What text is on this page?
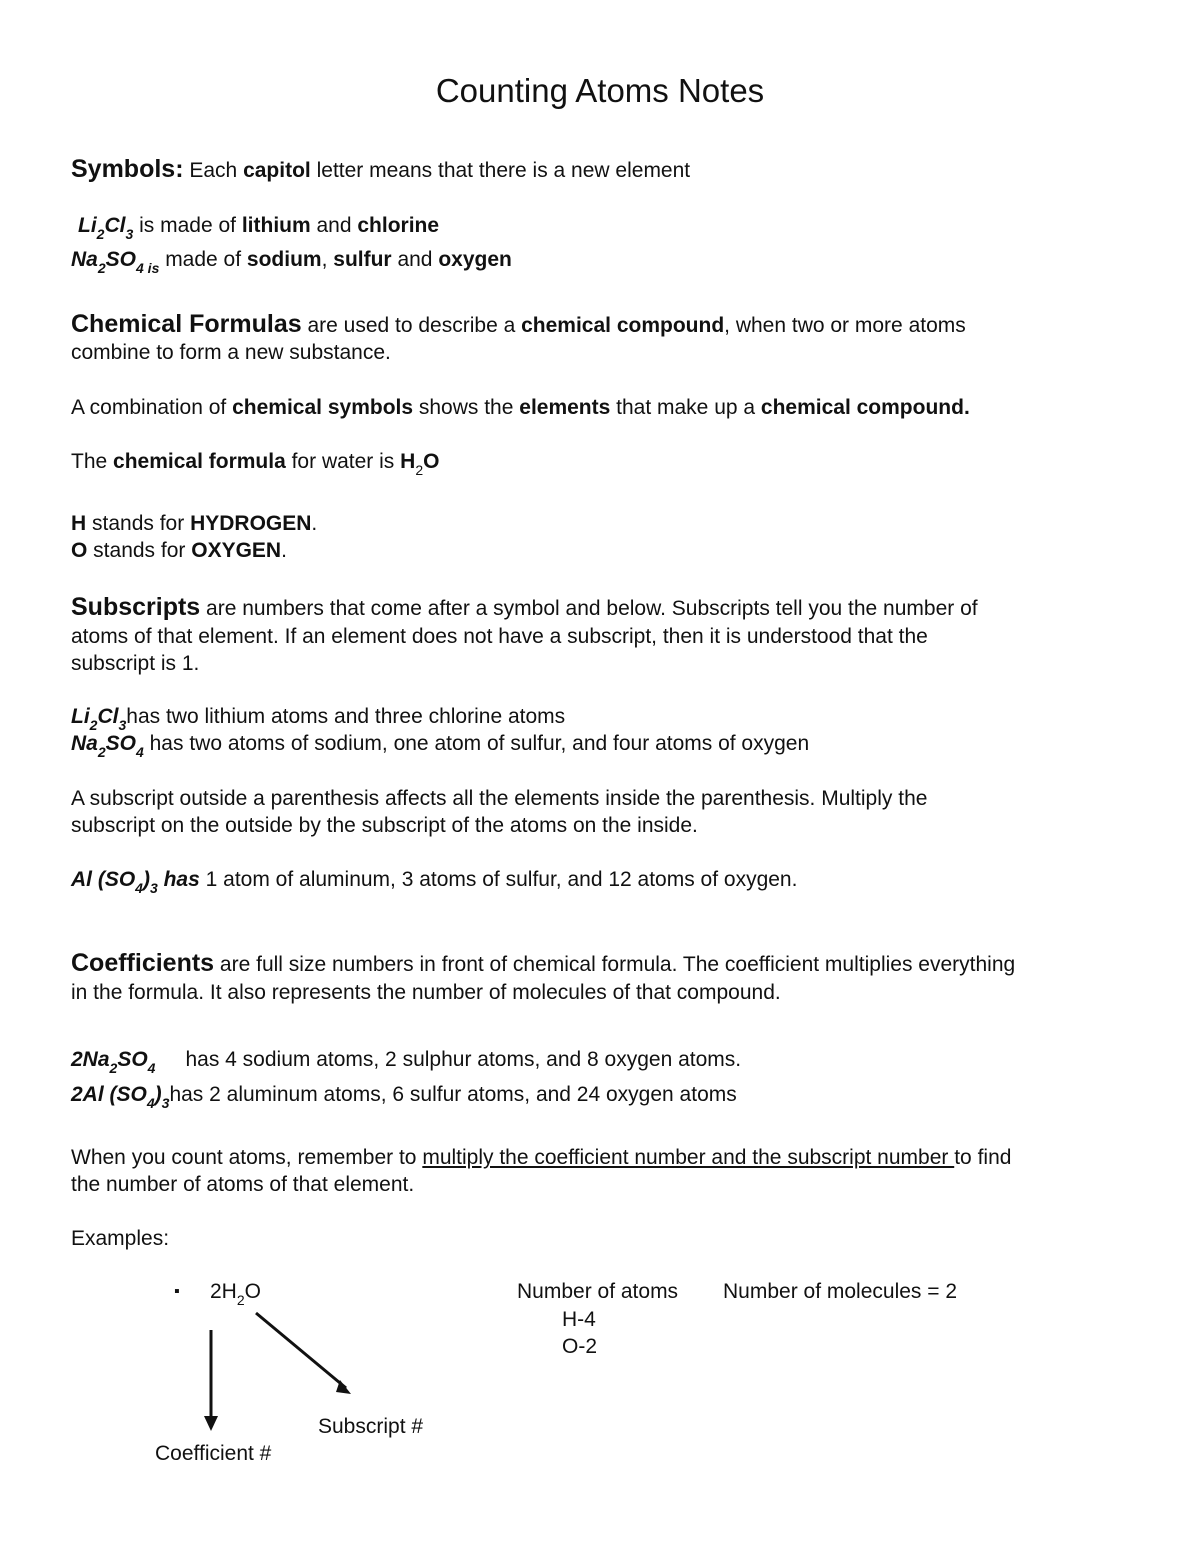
Counting Atoms Notes
Symbols: Each capitol letter means that there is a new element
$Li_2Cl_3$ is made of lithium and chlorine
$Na_2SO_{4 is}$ made of sodium, sulfur and oxygen
Chemical Formulas are used to describe a chemical compound, when two or more atoms
combine to form a new substance.
A combination of chemical symbols shows the elements that make up a chemical compound.
The chemical formula for water is $H_2O$
H stands for HYDROGEN.
O stands for OXYGEN.
Subscripts are numbers that come after a symbol and below. Subscripts tell you the number of
atoms of that element. If an element does not have a subscript, then it is understood that the
subscript is 1.
$Li_2Cl_3has$ two lithium atoms and three chlorine atoms
$Na_2SO_4$ has two atoms of sodium, one atom of sulfur, and four atoms of oxygen
A subscript outside a parenthesis affects all the elements inside the parenthesis. Multiply the
subscript on the outside by the subscript of the atoms on the inside.
Al $(SO_4)_3$ has 1 atom of aluminum, 3 atoms of sulfur, and 12 atoms of oxygen.
Coefficients are full size numbers in front of chemical formula. The coefficient multiplies everything
in the formula. It also represents the number of molecules of that compound.
$2Na_2SO_4$ has 4 sodium atoms, 2 sulphur atoms, and 8 oxygen atoms.
2Al $(SO_4)_3has$ 2 aluminum atoms, 6 sulfur atoms, and 24 oxygen atoms
When you count atoms, remember to multiply the coefficient number and the subscript number to find
the number of atoms of that element.
Examples:
▪ $2H_2O$	Number of atoms Number of molecules = 2
H-4
O-2
Subscript #
Coefficient #
